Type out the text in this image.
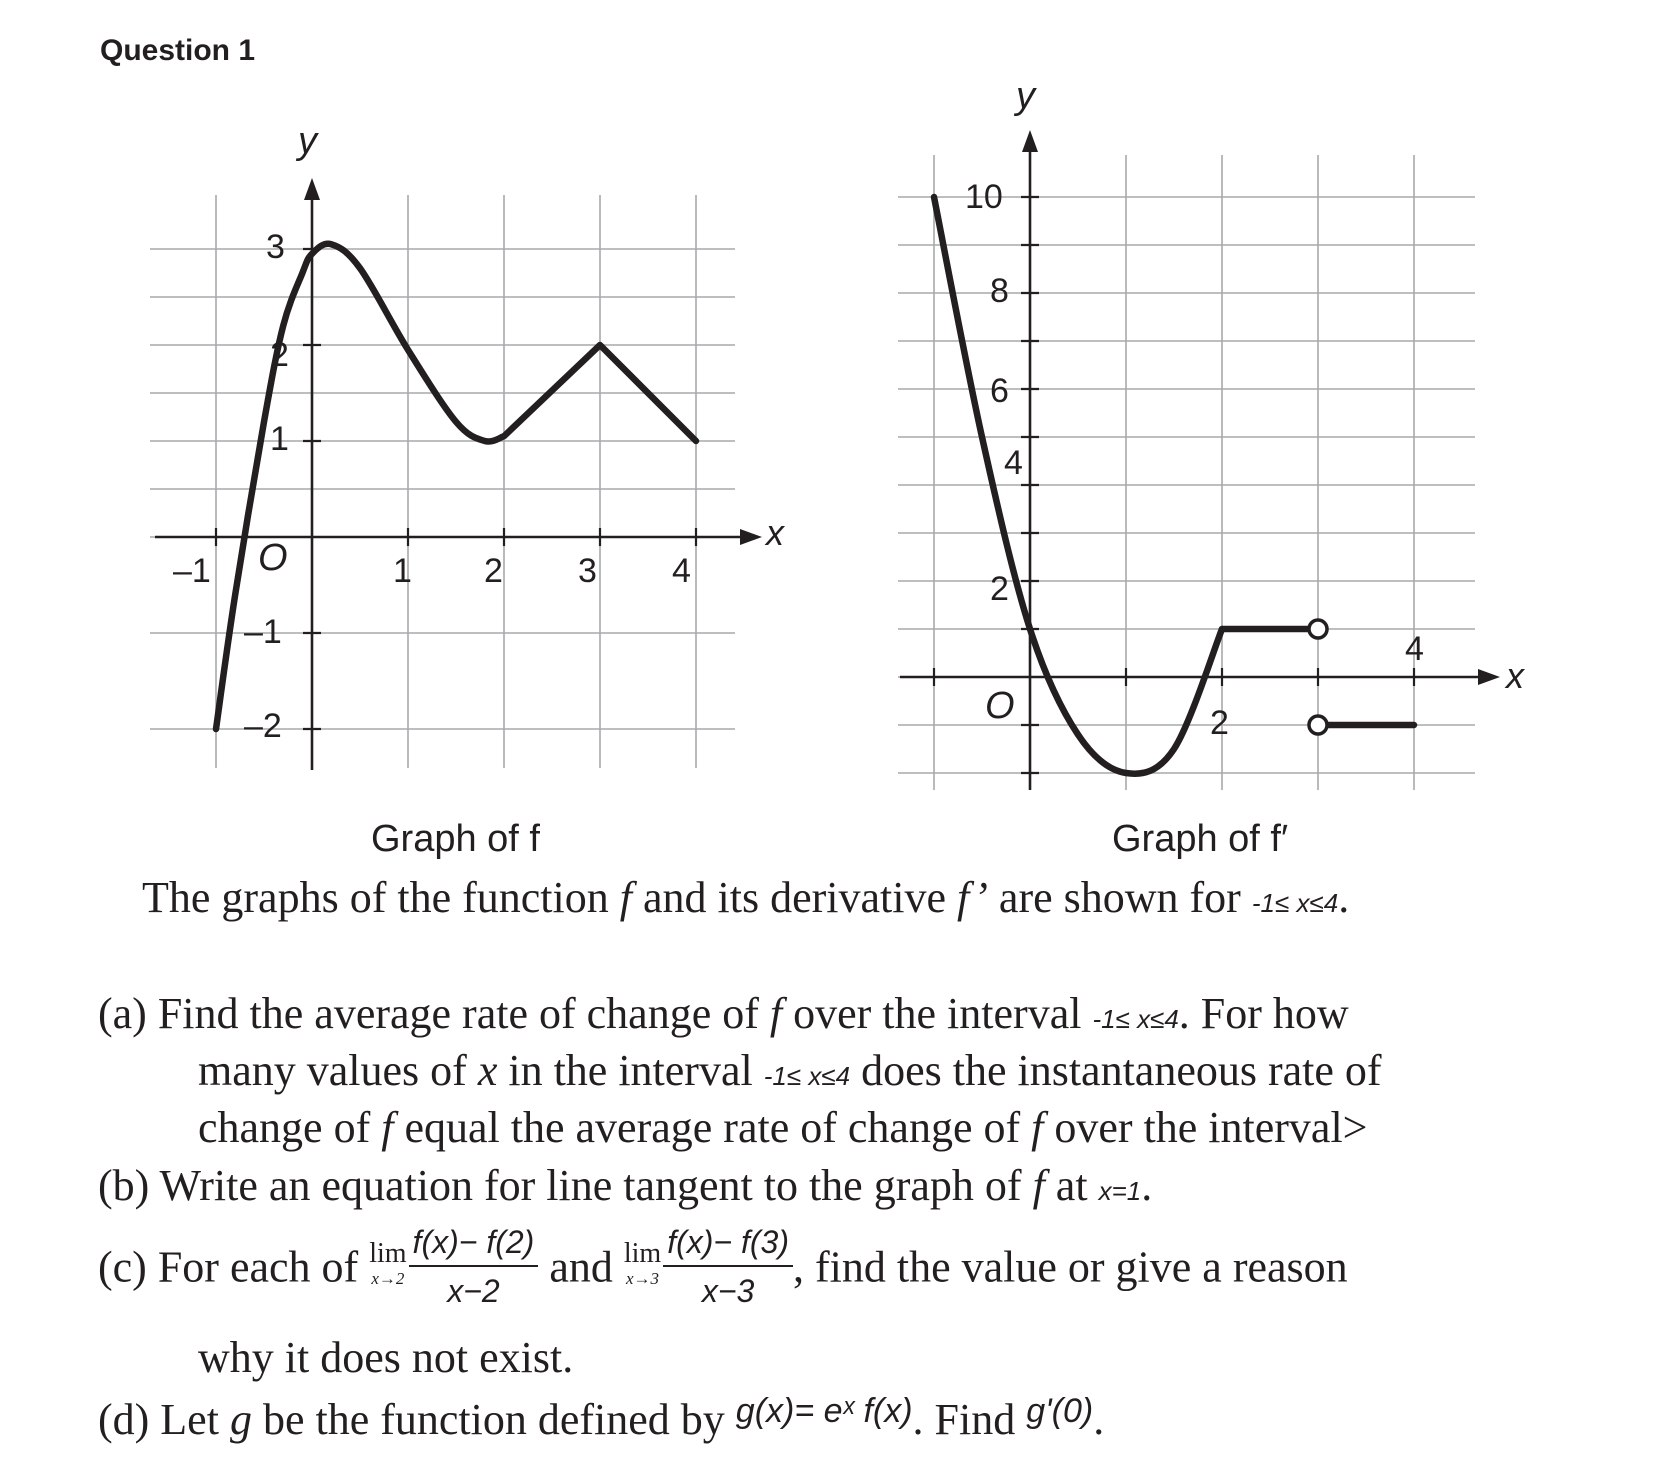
Question 1
y
x
O
–1	1 2 3 4
3
2
1
–1
–2
y
x
O	2
4
10
8
6
4
2
Graph of f	Graph of f′
The graphs of the function f and its derivative f’ are shown for -1≤ x≤4.
(a) Find the average rate of change of f over the interval -1≤ x≤4. For how
many values of x in the interval -1≤ x≤4 does the instantaneous rate of
change of f equal the average rate of change of f over the interval>
(b) Write an equation for line tangent to the graph of f at x=1.
(c) For each of lim
$x\to 2 \frac{f(x)- f(2)}{x-2}$ and lim
$x\to 3 \frac{f(x)- f(3)}{x-3}$ , find the value or give a reason
why it does not exist.
(d) Let g be the function defined by $^{g(x)= eˣ f(x)}$. Find $^{g'(0)}$.
